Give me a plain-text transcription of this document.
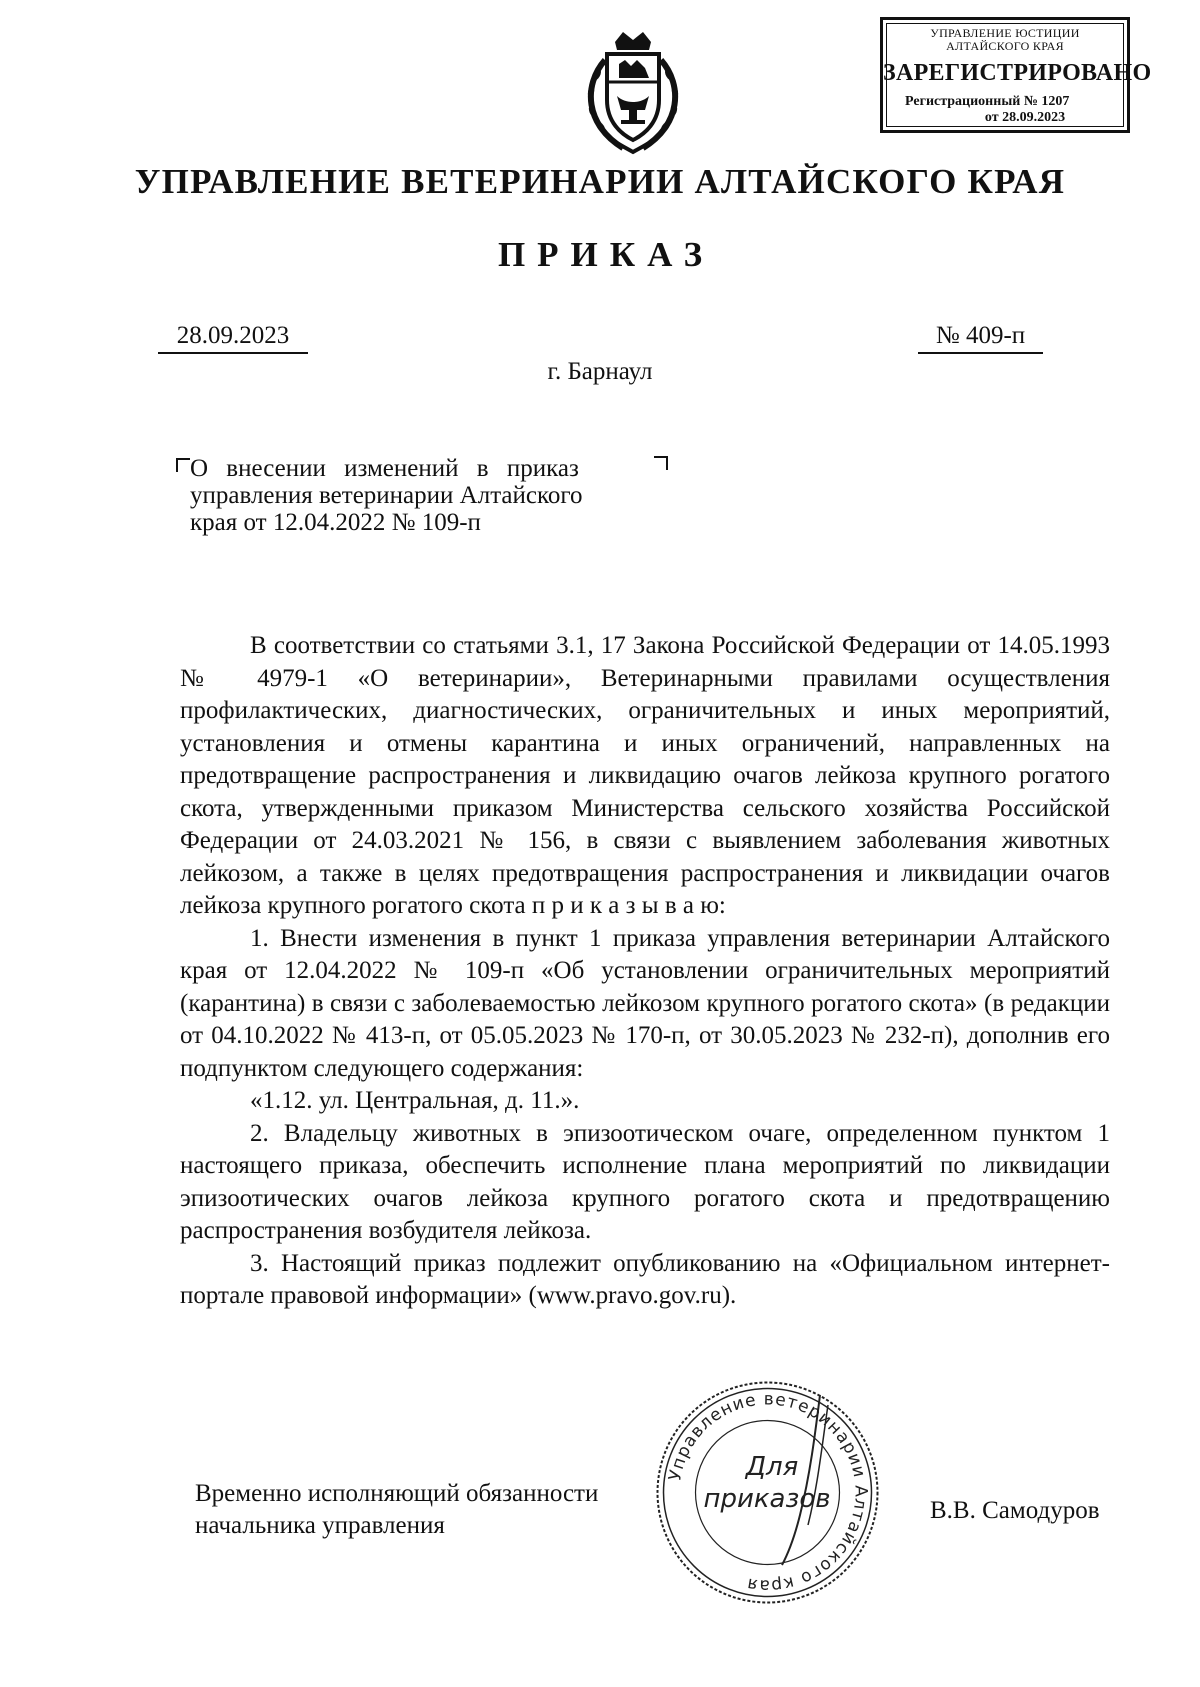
УПРАВЛЕНИЕ ЮСТИЦИИ
АЛТАЙСКОГО КРАЯ
ЗАРЕГИСТРИРОВАНО
Регистрационный № 1207
от 28.09.2023
УПРАВЛЕНИЕ ВЕТЕРИНАРИИ АЛТАЙСКОГО КРАЯ
ПРИКАЗ
28.09.2023	№ 409-п
г. Барнаул
О внесении изменений в приказ
управления ветеринарии Алтайского
края от 12.04.2022 № 109-п

В соответствии со статьями 3.1, 17 Закона Российской Федерации от 14.05.1993 № 4979-1 «О ветеринарии», Ветеринарными правилами осуществления профилактических, диагностических, ограничительных и иных мероприятий, установления и отмены карантина и иных ограничений, направленных на предотвращение распространения и ликвидацию очагов лейкоза крупного рогатого скота, утвержденными приказом Министерства сельского хозяйства Российской Федерации от 24.03.2021 № 156, в связи с выявлением заболевания животных лейкозом, а также в целях предотвращения распространения и ликвидации очагов лейкоза крупного рогатого скота п р и к а з ы в а ю:

1. Внести изменения в пункт 1 приказа управления ветеринарии Алтайского края от 12.04.2022 № 109-п «Об установлении ограничительных мероприятий (карантина) в связи с заболеваемостью лейкозом крупного рогатого скота» (в редакции от 04.10.2022 № 413-п, от 05.05.2023 № 170-п, от 30.05.2023 № 232-п), дополнив его подпунктом следующего содержания:

«1.12. ул. Центральная, д. 11.».

2. Владельцу животных в эпизоотическом очаге, определенном пунктом 1 настоящего приказа, обеспечить исполнение плана мероприятий по ликвидации эпизоотических очагов лейкоза крупного рогатого скота и предотвращению распространения возбудителя лейкоза.

3. Настоящий приказ подлежит опубликованию на «Официальном интернет-портале правовой информации» (www.pravo.gov.ru).

Временно исполняющий обязанности
начальника управления
В.В. Самодуров
Управление ветеринарии Алтайского края
Для
приказов
